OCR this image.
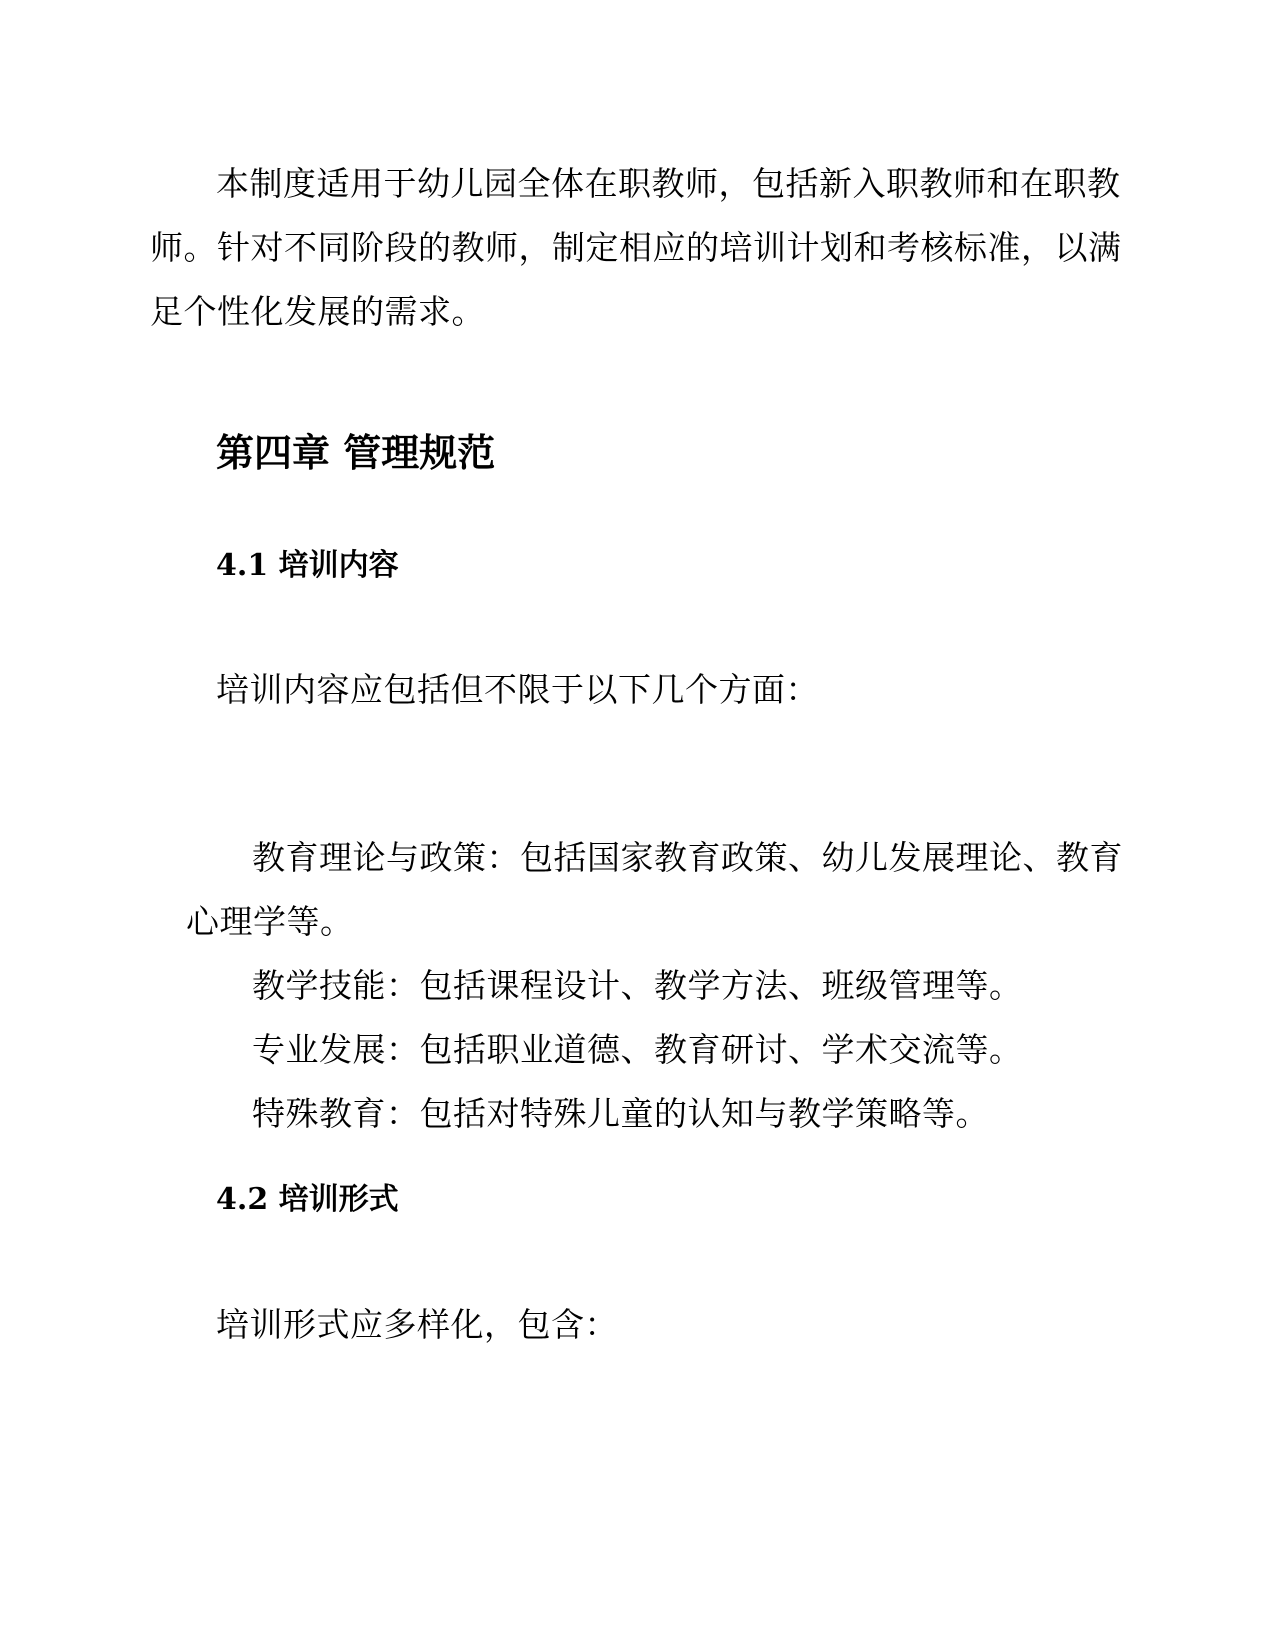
本制度适用于幼儿园全体在职教师，包括新入职教师和在职教师。针对不同阶段的教师，制定相应的培训计划和考核标准，以满足个性化发展的需求。

第四章 管理规范
4.1 培训内容

培训内容应包括但不限于以下几个方面：

教育理论与政策：包括国家教育政策、幼儿发展理论、教育心理学等。
教学技能：包括课程设计、教学方法、班级管理等。
专业发展：包括职业道德、教育研讨、学术交流等。
特殊教育：包括对特殊儿童的认知与教学策略等。
4.2 培训形式

培训形式应多样化，包含：
